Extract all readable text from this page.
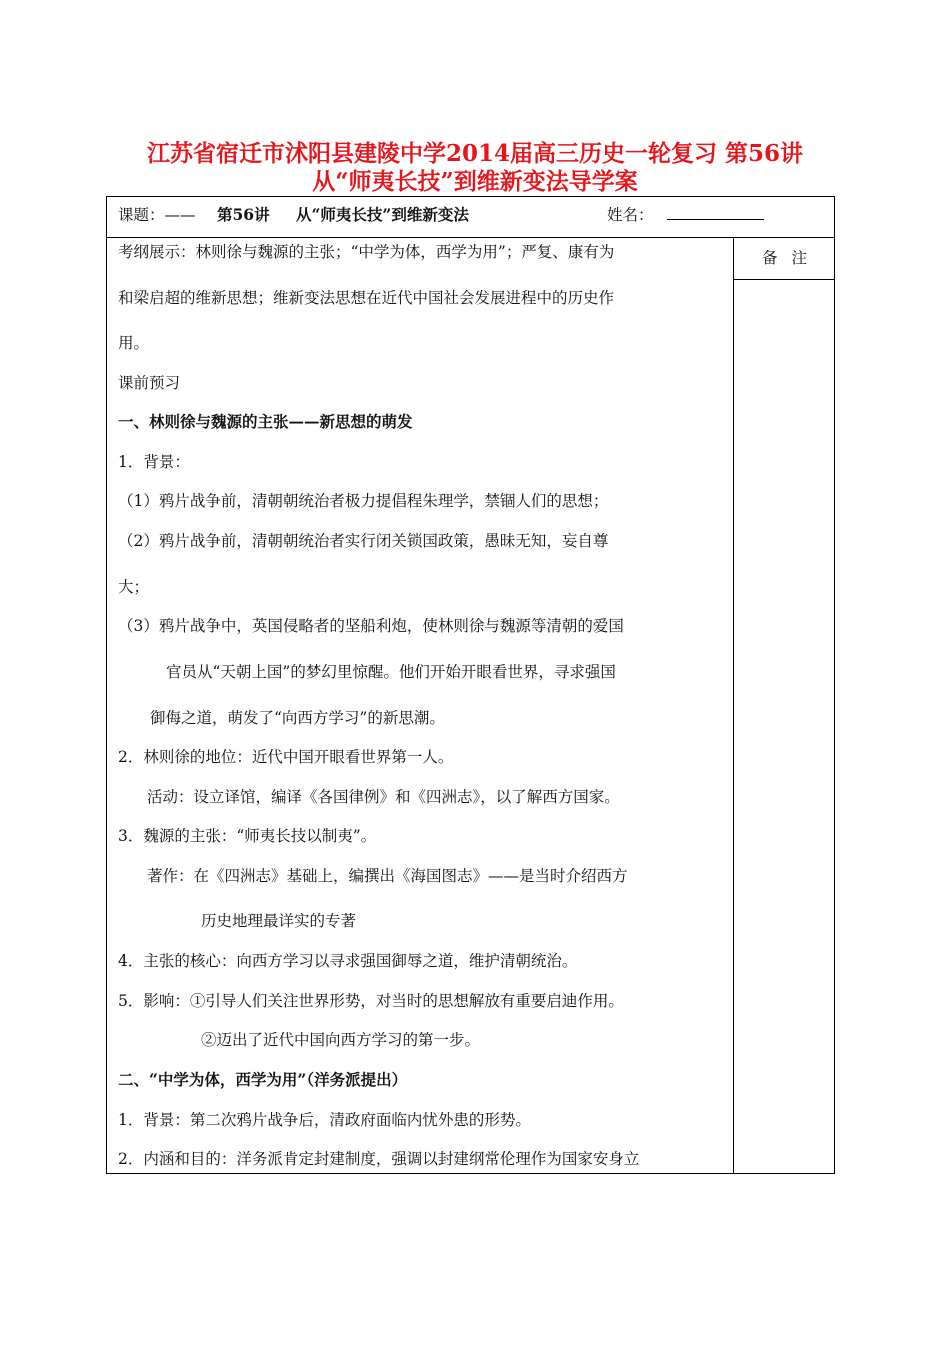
江苏省宿迁市沭阳县建陵中学2014届高三历史一轮复习 第56讲
从“师夷长技”到维新变法导学案
课题：—— 第56讲 从“师夷长技”到维新变法	姓名：
备注
考纲展示：林则徐与魏源的主张；“中学为体，西学为用”；严复、康有为
和梁启超的维新思想；维新变法思想在近代中国社会发展进程中的历史作
用。
课前预习
一、林则徐与魏源的主张——新思想的萌发
1．背景：
（1）鸦片战争前，清朝朝统治者极力提倡程朱理学，禁锢人们的思想；
（2）鸦片战争前，清朝朝统治者实行闭关锁国政策，愚昧无知，妄自尊
大；
（3）鸦片战争中，英国侵略者的坚船利炮，使林则徐与魏源等清朝的爱国
官员从“天朝上国”的梦幻里惊醒。他们开始开眼看世界，寻求强国
御侮之道，萌发了“向西方学习”的新思潮。
2．林则徐的地位：近代中国开眼看世界第一人。
活动：设立译馆，编译《各国律例》和《四洲志》，以了解西方国家。
3．魏源的主张：“师夷长技以制夷”。
著作：在《四洲志》基础上，编撰出《海国图志》——是当时介绍西方
历史地理最详实的专著
4．主张的核心：向西方学习以寻求强国御辱之道，维护清朝统治。
5．影响：①引导人们关注世界形势，对当时的思想解放有重要启迪作用。
②迈出了近代中国向西方学习的第一步。
二、“中学为体，西学为用”（洋务派提出）
1．背景：第二次鸦片战争后，清政府面临内忧外患的形势。
2．内涵和目的：洋务派肯定封建制度，强调以封建纲常伦理作为国家安身立
